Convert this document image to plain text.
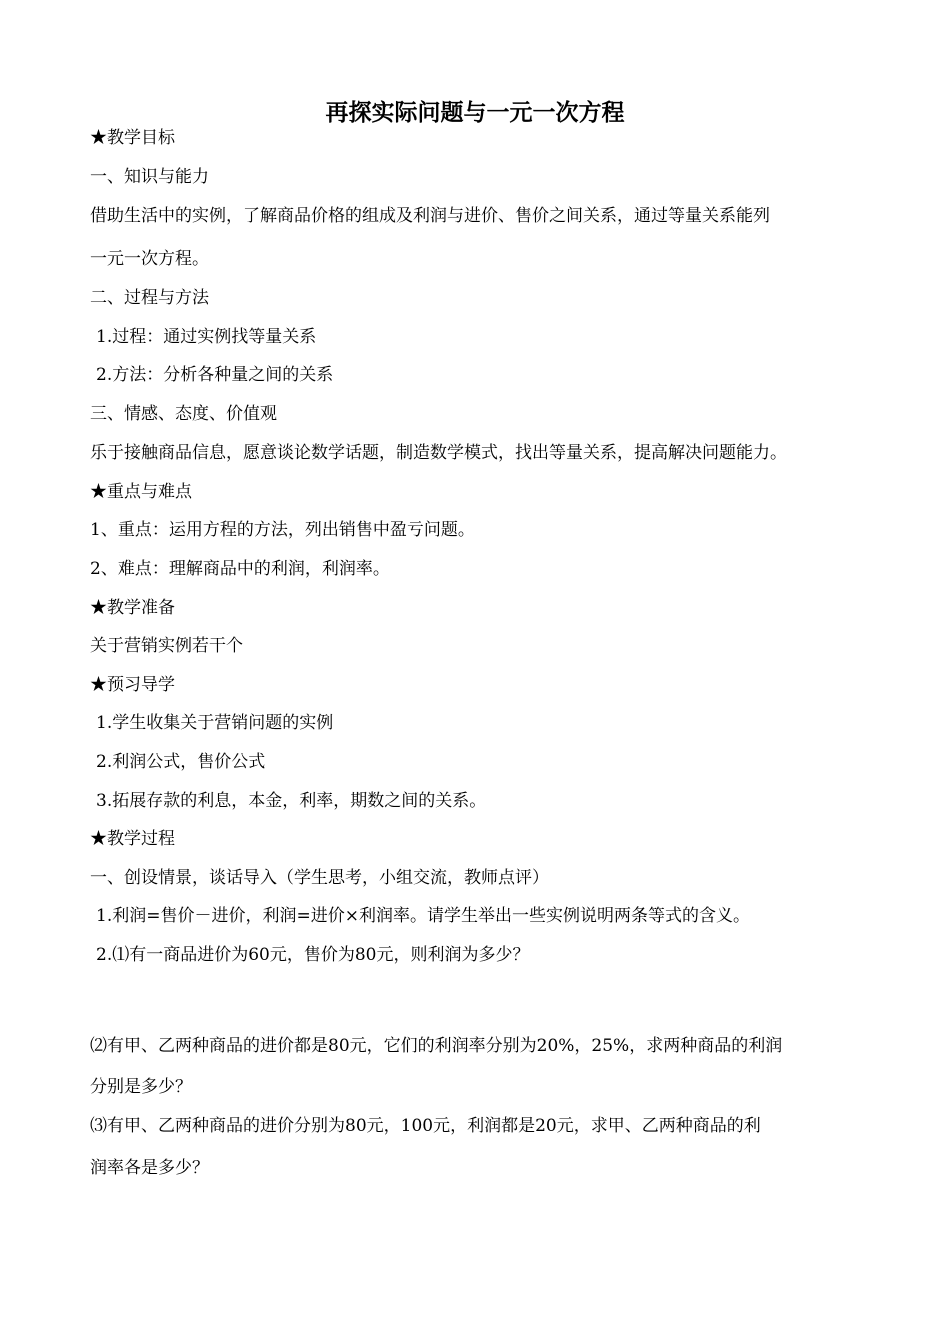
再探实际问题与一元一次方程
★教学目标
一、知识与能力
借助生活中的实例，了解商品价格的组成及利润与进价、售价之间关系，通过等量关系能列
一元一次方程。
二、过程与方法
1.过程：通过实例找等量关系
2.方法：分析各种量之间的关系
三、情感、态度、价值观
乐于接触商品信息，愿意谈论数学话题，制造数学模式，找出等量关系，提高解决问题能力。
★重点与难点
1、重点：运用方程的方法，列出销售中盈亏问题。
2、难点：理解商品中的利润，利润率。
★教学准备
关于营销实例若干个
★预习导学
1.学生收集关于营销问题的实例
2.利润公式，售价公式
3.拓展存款的利息，本金，利率，期数之间的关系。
★教学过程
一、创设情景，谈话导入（学生思考，小组交流，教师点评）
1.利润=售价－进价，利润=进价×利润率。请学生举出一些实例说明两条等式的含义。
2.⑴有一商品进价为60元，售价为80元，则利润为多少？
⑵有甲、乙两种商品的进价都是80元，它们的利润率分别为20%，25%，求两种商品的利润
分别是多少？
⑶有甲、乙两种商品的进价分别为80元，100元，利润都是20元，求甲、乙两种商品的利
润率各是多少？
